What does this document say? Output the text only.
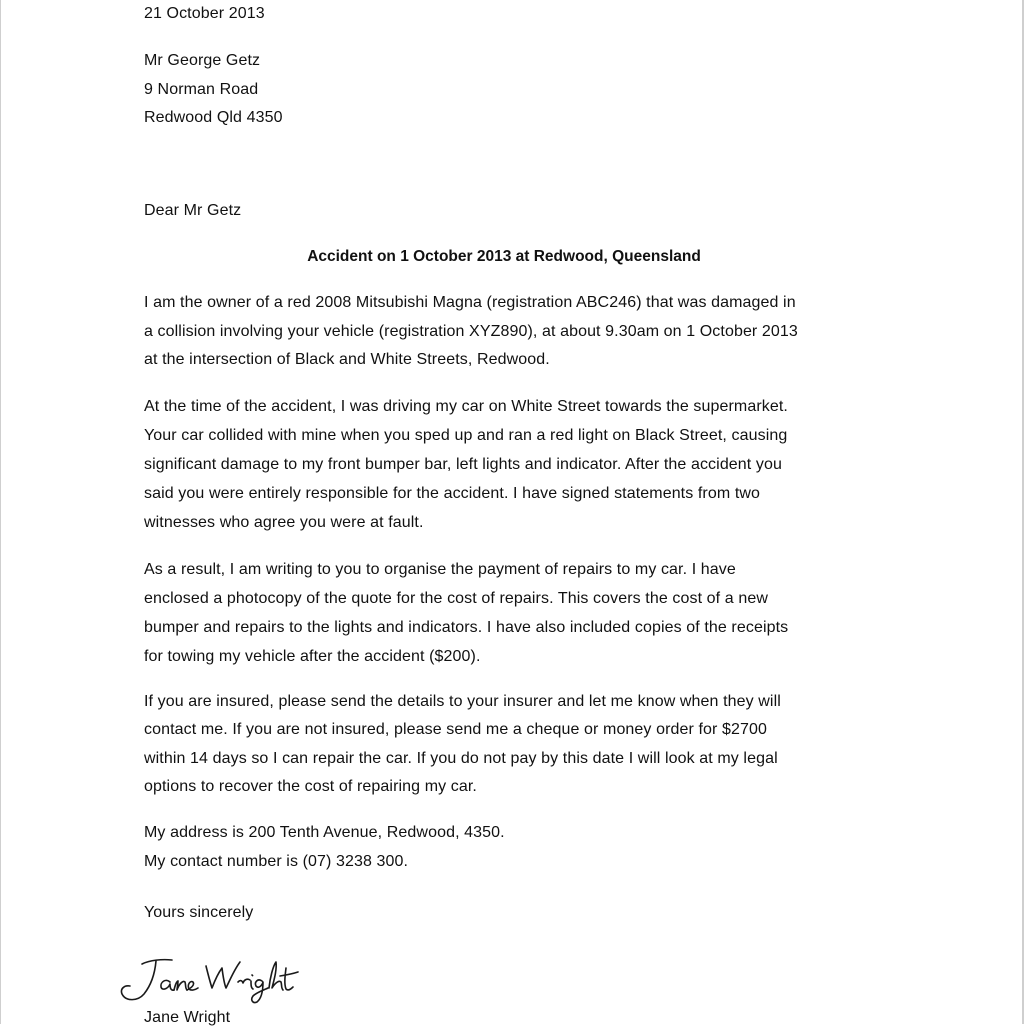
21 October 2013
Mr George Getz
9 Norman Road
Redwood Qld 4350
Dear Mr Getz
Accident on 1 October 2013 at Redwood, Queensland
I am the owner of a red 2008 Mitsubishi Magna (registration ABC246) that was damaged in
a collision involving your vehicle (registration XYZ890), at about 9.30am on 1 October 2013
at the intersection of Black and White Streets, Redwood.
At the time of the accident, I was driving my car on White Street towards the supermarket.
Your car collided with mine when you sped up and ran a red light on Black Street, causing
significant damage to my front bumper bar, left lights and indicator. After the accident you
said you were entirely responsible for the accident. I have signed statements from two
witnesses who agree you were at fault.
As a result, I am writing to you to organise the payment of repairs to my car. I have
enclosed a photocopy of the quote for the cost of repairs. This covers the cost of a new
bumper and repairs to the lights and indicators. I have also included copies of the receipts
for towing my vehicle after the accident ($200).
If you are insured, please send the details to your insurer and let me know when they will
contact me. If you are not insured, please send me a cheque or money order for $2700
within 14 days so I can repair the car. If you do not pay by this date I will look at my legal
options to recover the cost of repairing my car.
My address is 200 Tenth Avenue, Redwood, 4350.
My contact number is (07) 3238 300.
Yours sincerely
Jane Wright
